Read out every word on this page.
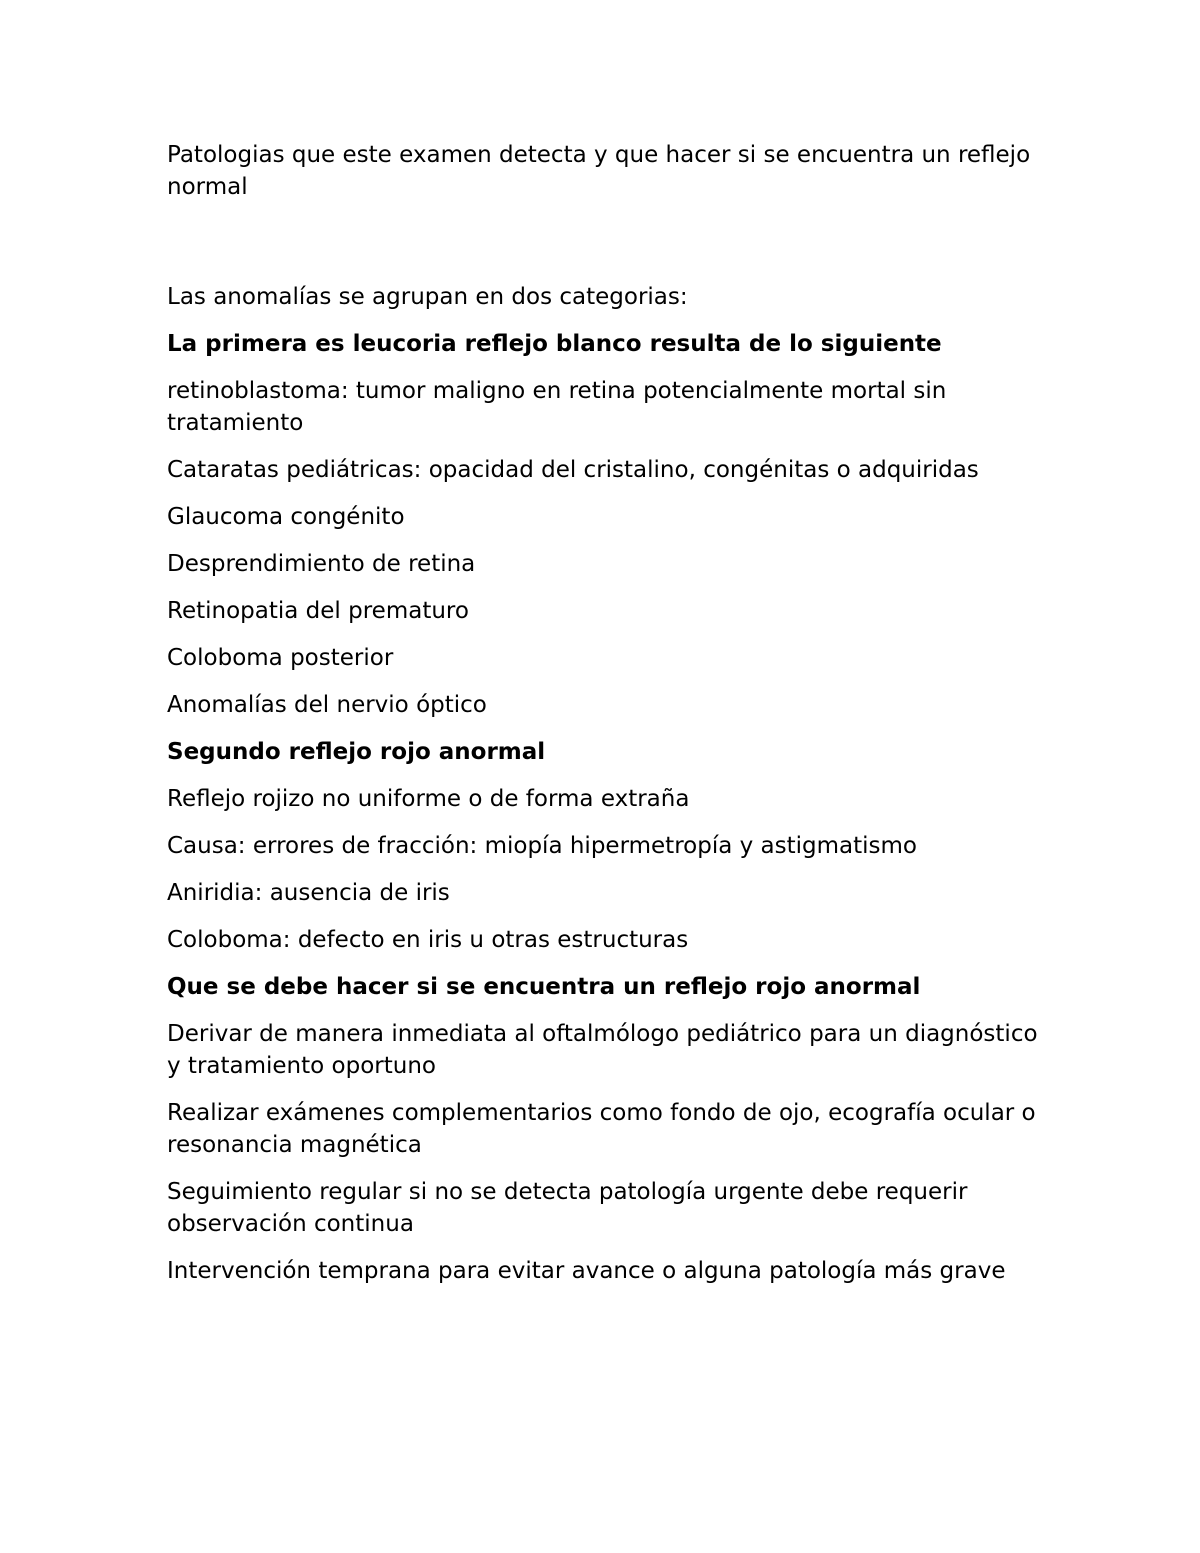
Patologias que este examen detecta y que hacer si se encuentra un reflejo normal

Las anomalías se agrupan en dos categorias:

La primera es leucoria reflejo blanco resulta de lo siguiente

retinoblastoma: tumor maligno en retina potencialmente mortal sin tratamiento

Cataratas pediátricas: opacidad del cristalino, congénitas o adquiridas

Glaucoma congénito

Desprendimiento de retina

Retinopatia del prematuro

Coloboma posterior

Anomalías del nervio óptico

Segundo reflejo rojo anormal

Reflejo rojizo no uniforme o de forma extraña

Causa: errores de fracción: miopía hipermetropía y astigmatismo

Aniridia: ausencia de iris

Coloboma: defecto en iris u otras estructuras

Que se debe hacer si se encuentra un reflejo rojo anormal

Derivar de manera inmediata al oftalmólogo pediátrico para un diagnóstico y tratamiento oportuno

Realizar exámenes complementarios como fondo de ojo, ecografía ocular o resonancia magnética

Seguimiento regular si no se detecta patología urgente debe requerir observación continua

Intervención temprana para evitar avance o alguna patología más grave
